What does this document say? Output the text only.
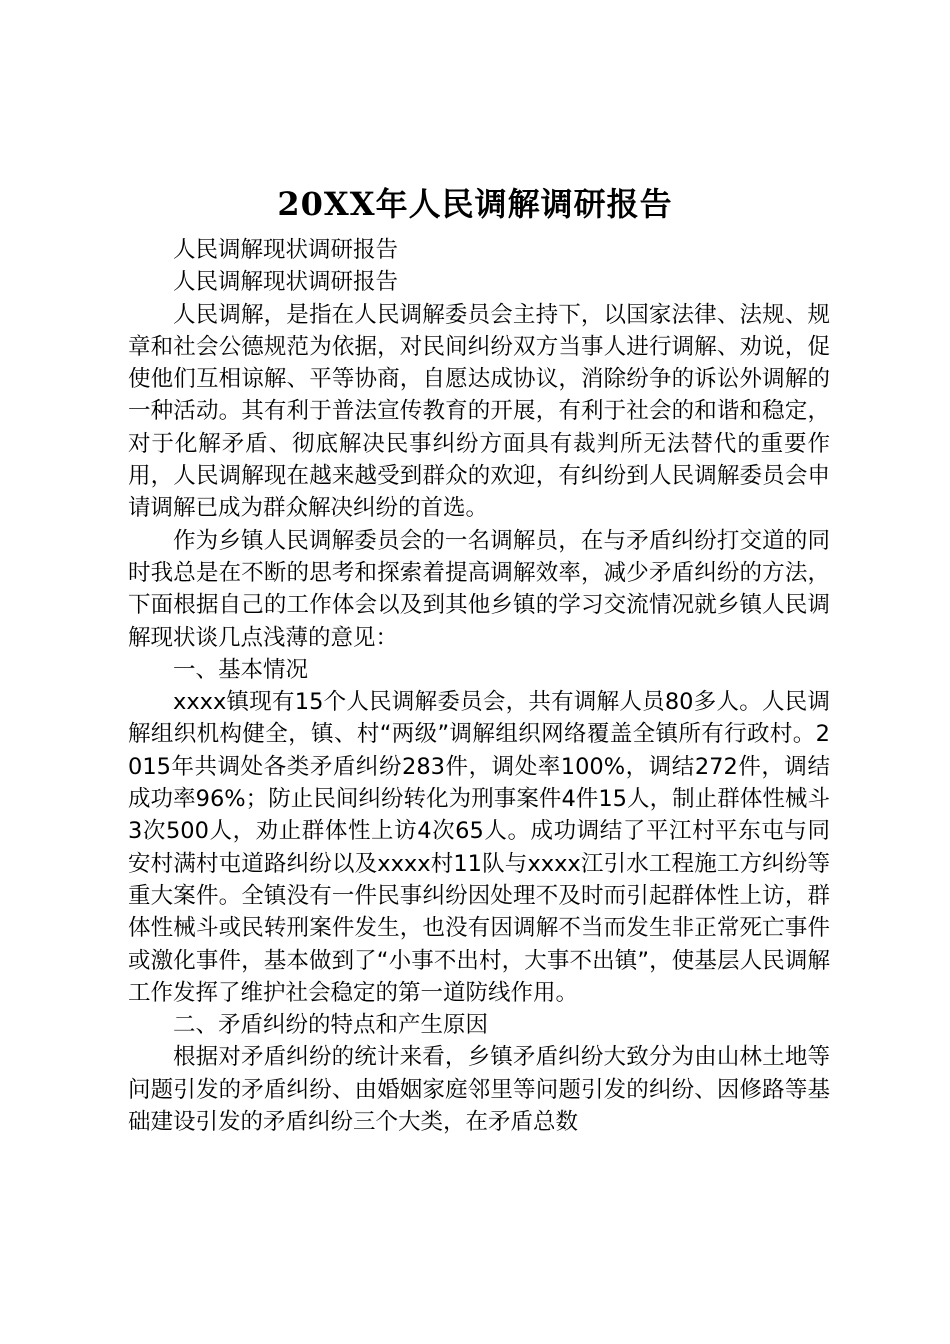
20XX年人民调解调研报告

人民调解现状调研报告

人民调解现状调研报告

人民调解，是指在人民调解委员会主持下，以国家法律、法规、规章和社会公德规范为依据，对民间纠纷双方当事人进行调解、劝说，促使他们互相谅解、平等协商，自愿达成协议，消除纷争的诉讼外调解的一种活动。其有利于普法宣传教育的开展，有利于社会的和谐和稳定，对于化解矛盾、彻底解决民事纠纷方面具有裁判所无法替代的重要作用，人民调解现在越来越受到群众的欢迎，有纠纷到人民调解委员会申请调解已成为群众解决纠纷的首选。

作为乡镇人民调解委员会的一名调解员，在与矛盾纠纷打交道的同时我总是在不断的思考和探索着提高调解效率，减少矛盾纠纷的方法，下面根据自己的工作体会以及到其他乡镇的学习交流情况就乡镇人民调解现状谈几点浅薄的意见：

一、基本情况

xxxx镇现有15个人民调解委员会，共有调解人员80多人。人民调解组织机构健全，镇、村“两级”调解组织网络覆盖全镇所有行政村。2015年共调处各类矛盾纠纷283件，调处率100%，调结272件，调结成功率96%；防止民间纠纷转化为刑事案件4件15人，制止群体性械斗3次500人，劝止群体性上访4次65人。成功调结了平江村平东屯与同安村满村屯道路纠纷以及xxxx村11队与xxxx江引水工程施工方纠纷等重大案件。全镇没有一件民事纠纷因处理不及时而引起群体性上访，群体性械斗或民转刑案件发生，也没有因调解不当而发生非正常死亡事件或激化事件，基本做到了“小事不出村，大事不出镇”，使基层人民调解工作发挥了维护社会稳定的第一道防线作用。

二、矛盾纠纷的特点和产生原因

根据对矛盾纠纷的统计来看，乡镇矛盾纠纷大致分为由山林土地等问题引发的矛盾纠纷、由婚姻家庭邻里等问题引发的纠纷、因修路等基础建设引发的矛盾纠纷三个大类，在矛盾总数
